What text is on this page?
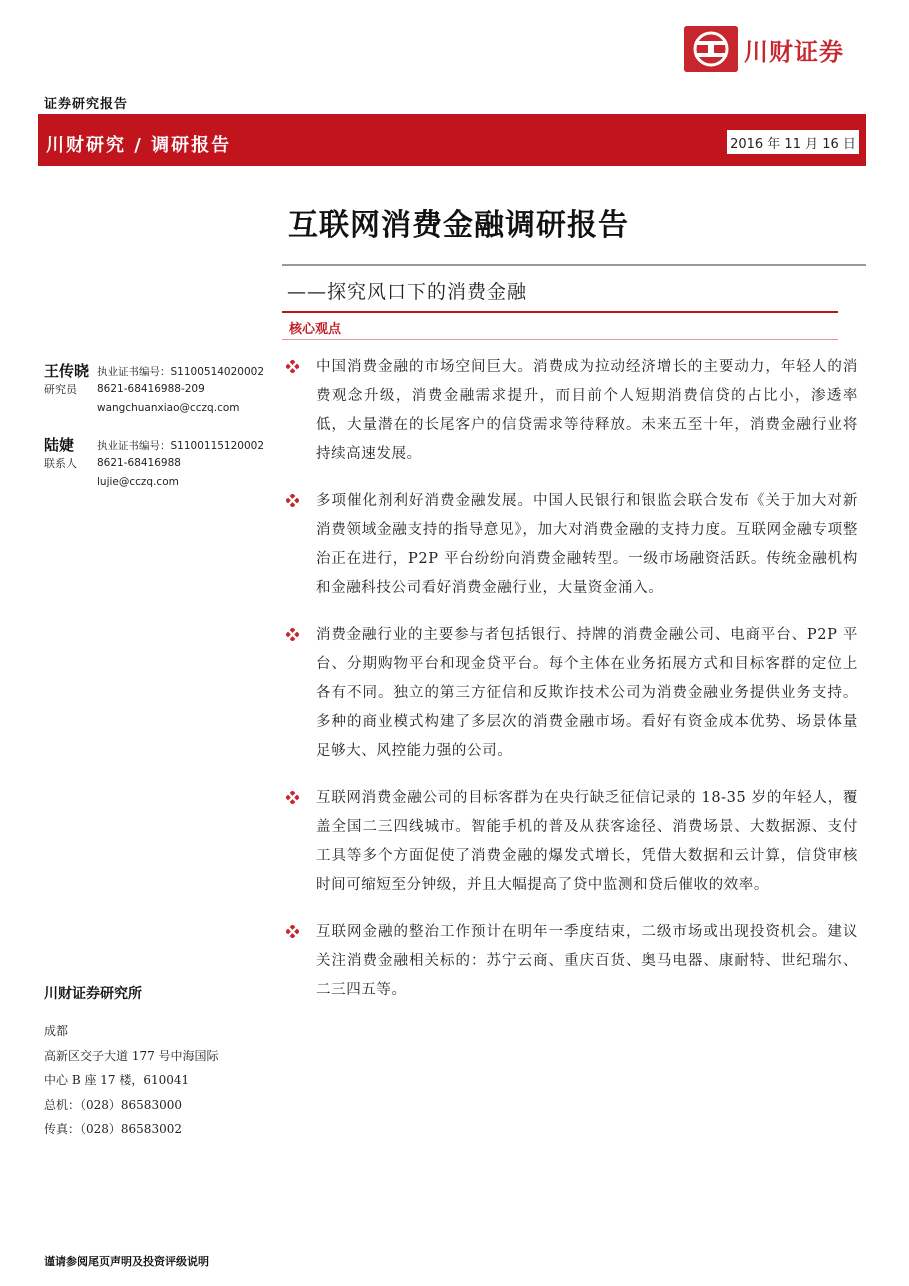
川财证券
证券研究报告
川财研究 / 调研报告	2016 年 11 月 16 日
互联网消费金融调研报告
——探究风口下的消费金融
核心观点
王传晓
研究员
执业证书编号：S1100514020002
8621-68416988-209
wangchuanxiao@cczq.com
陆婕
联系人
执业证书编号：S1100115120002
8621-68416988
lujie@cczq.com
川财证券研究所
成都
高新区交子大道 177 号中海国际
中心 B 座 17 楼，610041
总机：（028）86583000
传真：（028）86583002
中国消费金融的市场空间巨大。消费成为拉动经济增长的主要动力，年轻人的消费观念升级，消费金融需求提升，而目前个人短期消费信贷的占比小，渗透率低，大量潜在的长尾客户的信贷需求等待释放。未来五至十年，消费金融行业将持续高速发展。
多项催化剂利好消费金融发展。中国人民银行和银监会联合发布《关于加大对新消费领域金融支持的指导意见》，加大对消费金融的支持力度。互联网金融专项整治正在进行，P2P 平台纷纷向消费金融转型。一级市场融资活跃。传统金融机构和金融科技公司看好消费金融行业，大量资金涌入。
消费金融行业的主要参与者包括银行、持牌的消费金融公司、电商平台、P2P 平台、分期购物平台和现金贷平台。每个主体在业务拓展方式和目标客群的定位上各有不同。独立的第三方征信和反欺诈技术公司为消费金融业务提供业务支持。多种的商业模式构建了多层次的消费金融市场。看好有资金成本优势、场景体量足够大、风控能力强的公司。
互联网消费金融公司的目标客群为在央行缺乏征信记录的 18-35 岁的年轻人，覆盖全国二三四线城市。智能手机的普及从获客途径、消费场景、大数据源、支付工具等多个方面促使了消费金融的爆发式增长，凭借大数据和云计算，信贷审核时间可缩短至分钟级，并且大幅提高了贷中监测和贷后催收的效率。
互联网金融的整治工作预计在明年一季度结束，二级市场或出现投资机会。建议关注消费金融相关标的：苏宁云商、重庆百货、奥马电器、康耐特、世纪瑞尔、二三四五等。
谨请参阅尾页声明及投资评级说明
